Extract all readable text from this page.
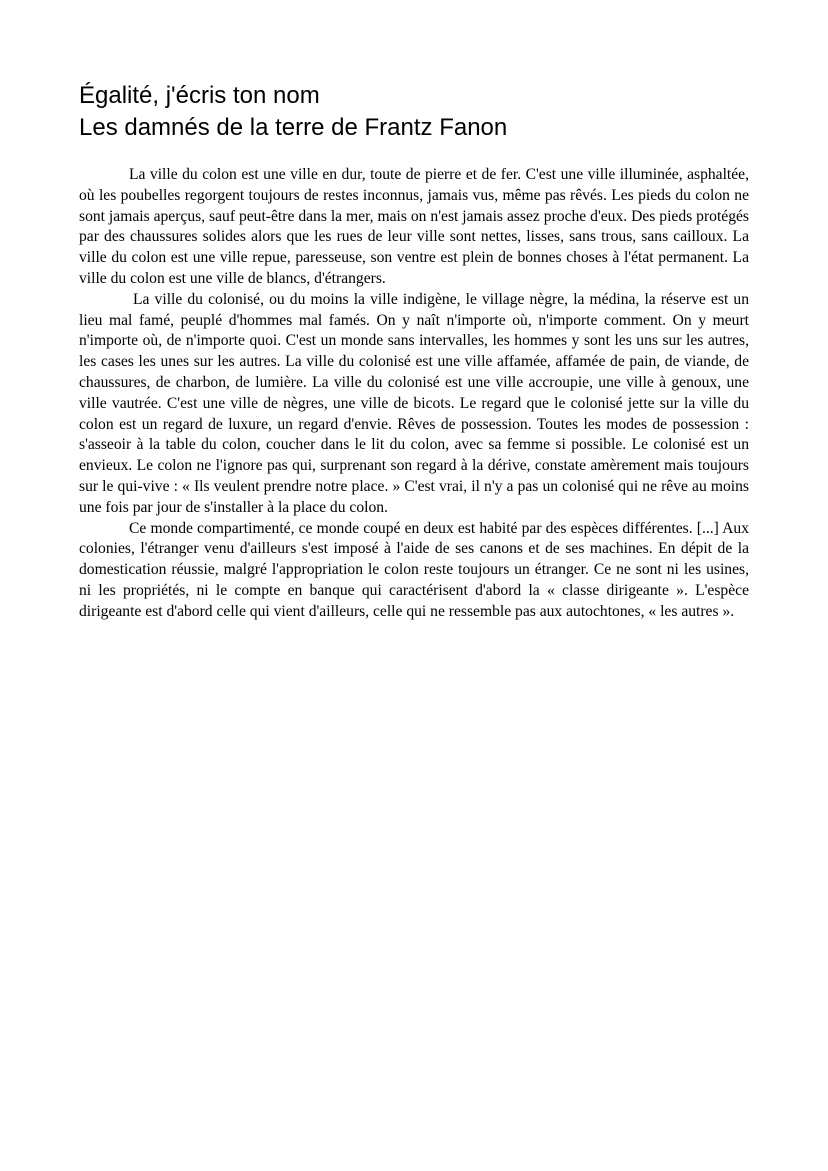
Égalité, j'écris ton nom
Les damnés de la terre de Frantz Fanon

La ville du colon est une ville en dur, toute de pierre et de fer. C'est une ville illuminée, asphaltée, où les poubelles regorgent toujours de restes inconnus, jamais vus, même pas rêvés. Les pieds du colon ne sont jamais aperçus, sauf peut-être dans la mer, mais on n'est jamais assez proche d'eux. Des pieds protégés par des chaussures solides alors que les rues de leur ville sont nettes, lisses, sans trous, sans cailloux. La ville du colon est une ville repue, paresseuse, son ventre est plein de bonnes choses à l'état permanent. La ville du colon est une ville de blancs, d'étrangers.

La ville du colonisé, ou du moins la ville indigène, le village nègre, la médina, la réserve est un lieu mal famé, peuplé d'hommes mal famés. On y naît n'importe où, n'importe comment. On y meurt n'importe où, de n'importe quoi. C'est un monde sans intervalles, les hommes y sont les uns sur les autres, les cases les unes sur les autres. La ville du colonisé est une ville affamée, affamée de pain, de viande, de chaussures, de charbon, de lumière. La ville du colonisé est une ville accroupie, une ville à genoux, une ville vautrée. C'est une ville de nègres, une ville de bicots. Le regard que le colonisé jette sur la ville du colon est un regard de luxure, un regard d'envie. Rêves de possession. Toutes les modes de possession : s'asseoir à la table du colon, coucher dans le lit du colon, avec sa femme si possible. Le colonisé est un envieux. Le colon ne l'ignore pas qui, surprenant son regard à la dérive, constate amèrement mais toujours sur le qui-vive : « Ils veulent prendre notre place. » C'est vrai, il n'y a pas un colonisé qui ne rêve au moins une fois par jour de s'installer à la place du colon.

Ce monde compartimenté, ce monde coupé en deux est habité par des espèces différentes. [...] Aux colonies, l'étranger venu d'ailleurs s'est imposé à l'aide de ses canons et de ses machines. En dépit de la domestication réussie, malgré l'appropriation le colon reste toujours un étranger. Ce ne sont ni les usines, ni les propriétés, ni le compte en banque qui caractérisent d'abord la « classe dirigeante ». L'espèce dirigeante est d'abord celle qui vient d'ailleurs, celle qui ne ressemble pas aux autochtones, « les autres ».
